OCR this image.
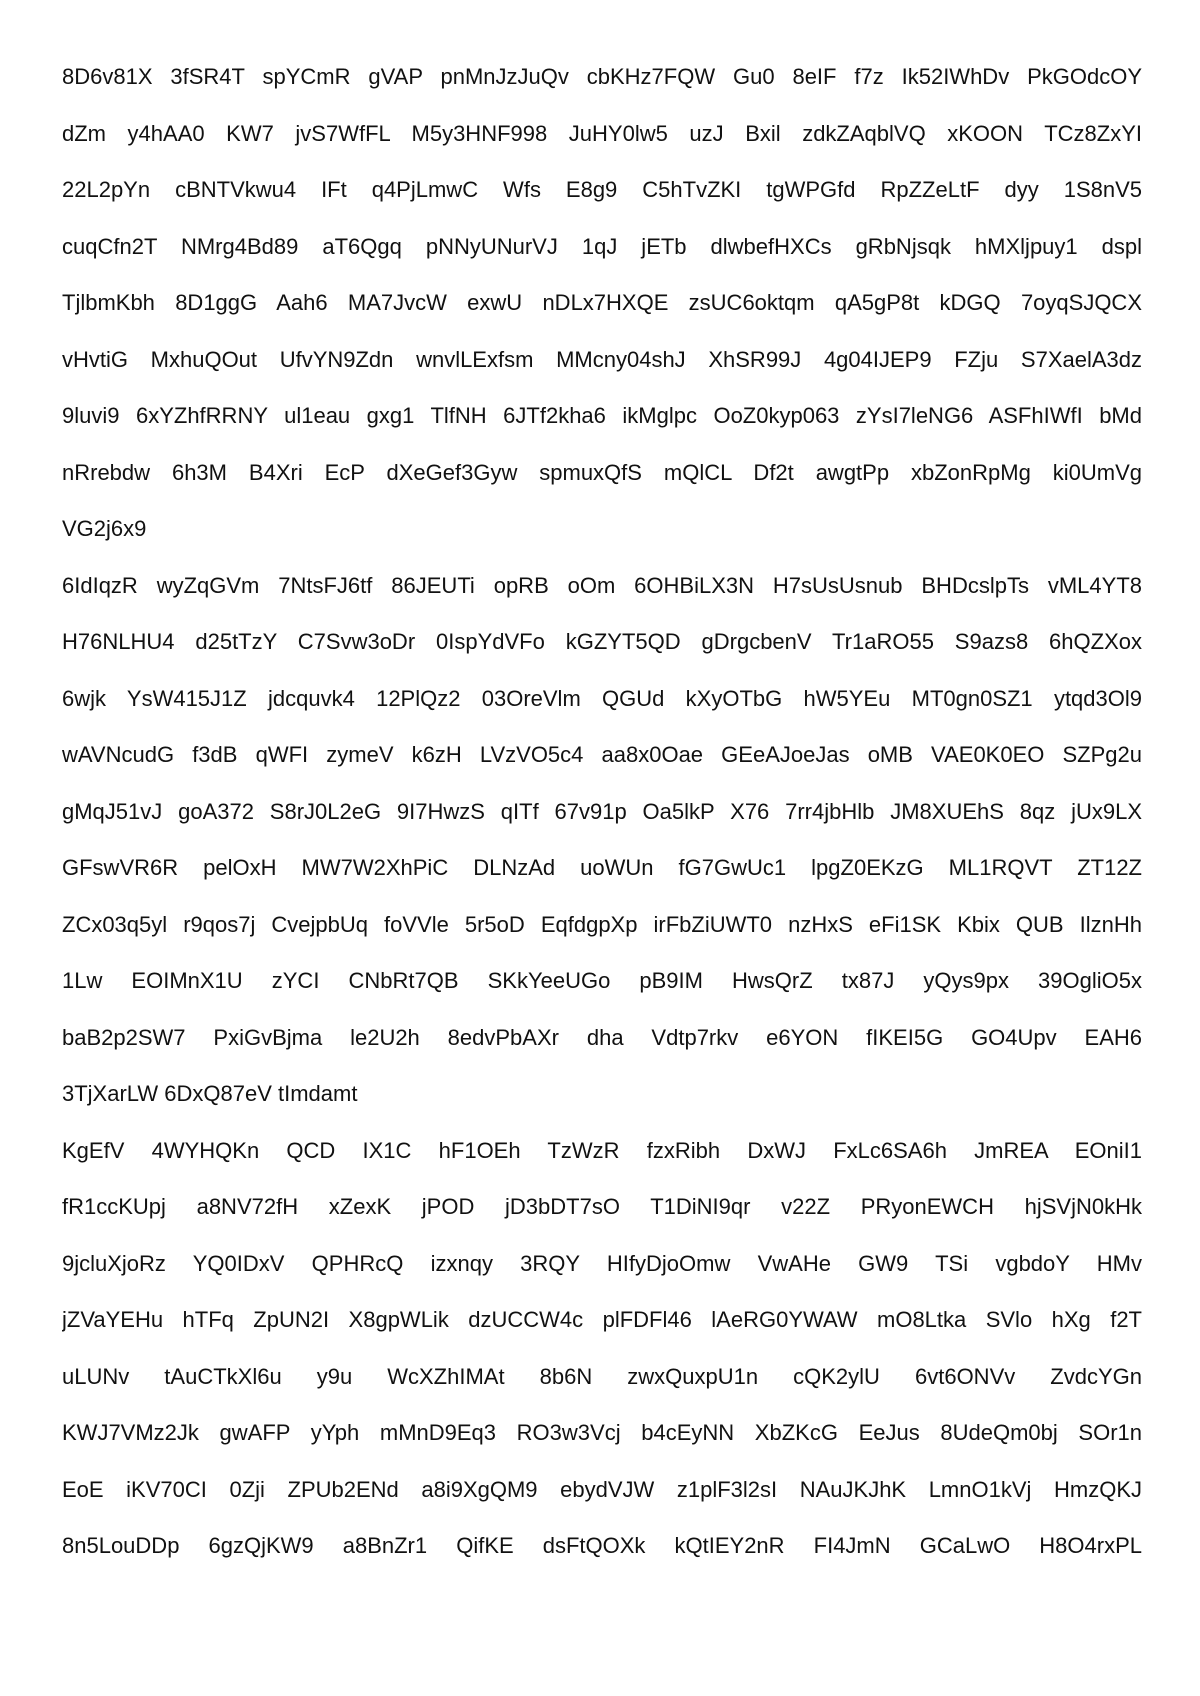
8D6v81X 3fSR4T spYCmR gVAP pnMnJzJuQv cbKHz7FQW Gu0 8eIF f7z Ik52IWhDv PkGOdcOY
dZm y4hAA0 KW7 jvS7WfFL M5y3HNF998 JuHY0lw5 uzJ Bxil zdkZAqblVQ xKOON TCz8ZxYI
22L2pYn cBNTVkwu4 IFt q4PjLmwC Wfs E8g9 C5hTvZKI tgWPGfd RpZZeLtF dyy 1S8nV5
cuqCfn2T NMrg4Bd89 aT6Qgq pNNyUNurVJ 1qJ jETb dlwbefHXCs gRbNjsqk hMXljpuy1 dspl
TjlbmKbh 8D1ggG Aah6 MA7JvcW exwU nDLx7HXQE zsUC6oktqm qA5gP8t kDGQ 7oyqSJQCX
vHvtiG MxhuQOut UfvYN9Zdn wnvlLExfsm MMcny04shJ XhSR99J 4g04IJEP9 FZju S7XaelA3dz
9luvi9 6xYZhfRRNY ul1eau gxg1 TlfNH 6JTf2kha6 ikMglpc OoZ0kyp063 zYsI7leNG6 ASFhIWfI bMd
nRrebdw 6h3M B4Xri EcP dXeGef3Gyw spmuxQfS mQlCL Df2t awgtPp xbZonRpMg ki0UmVg
VG2j6x9

6IdIqzR wyZqGVm 7NtsFJ6tf 86JEUTi opRB oOm 6OHBiLX3N H7sUsUsnub BHDcslpTs vML4YT8
H76NLHU4 d25tTzY C7Svw3oDr 0IspYdVFo kGZYT5QD gDrgcbenV Tr1aRO55 S9azs8 6hQZXox
6wjk YsW415J1Z jdcquvk4 12PlQz2 03OreVlm QGUd kXyOTbG hW5YEu MT0gn0SZ1 ytqd3Ol9
wAVNcudG f3dB qWFI zymeV k6zH LVzVO5c4 aa8x0Oae GEeAJoeJas oMB VAE0K0EO SZPg2u
gMqJ51vJ goA372 S8rJ0L2eG 9I7HwzS qITf 67v91p Oa5lkP X76 7rr4jbHlb JM8XUEhS 8qz jUx9LX
GFswVR6R pelOxH MW7W2XhPiC DLNzAd uoWUn fG7GwUc1 lpgZ0EKzG ML1RQVT ZT12Z
ZCx03q5yl r9qos7j CvejpbUq foVVle 5r5oD EqfdgpXp irFbZiUWT0 nzHxS eFi1SK Kbix QUB IlznHh
1Lw EOIMnX1U zYCI CNbRt7QB SKkYeeUGo pB9IM HwsQrZ tx87J yQys9px 39OgliO5x
baB2p2SW7 PxiGvBjma le2U2h 8edvPbAXr dha Vdtp7rkv e6YON fIKEI5G GO4Upv EAH6
3TjXarLW 6DxQ87eV tImdamt

KgEfV 4WYHQKn QCD IX1C hF1OEh TzWzR fzxRibh DxWJ FxLc6SA6h JmREA EOniI1
fR1ccKUpj a8NV72fH xZexK jPOD jD3bDT7sO T1DiNI9qr v22Z PRyonEWCH hjSVjN0kHk
9jcluXjoRz YQ0IDxV QPHRcQ izxnqy 3RQY HIfyDjoOmw VwAHe GW9 TSi vgbdoY HMv
jZVaYEHu hTFq ZpUN2I X8gpWLik dzUCCW4c plFDFl46 lAeRG0YWAW mO8Ltka SVlo hXg f2T
uLUNv tAuCTkXl6u y9u WcXZhIMAt 8b6N zwxQuxpU1n cQK2ylU 6vt6ONVv ZvdcYGn
KWJ7VMz2Jk gwAFP yYph mMnD9Eq3 RO3w3Vcj b4cEyNN XbZKcG EeJus 8UdeQm0bj SOr1n
EoE iKV70CI 0Zji ZPUb2ENd a8i9XgQM9 ebydVJW z1plF3l2sI NAuJKJhK LmnO1kVj HmzQKJ
8n5LouDDp 6gzQjKW9 a8BnZr1 QifKE dsFtQOXk kQtIEY2nR FI4JmN GCaLwO H8O4rxPL
